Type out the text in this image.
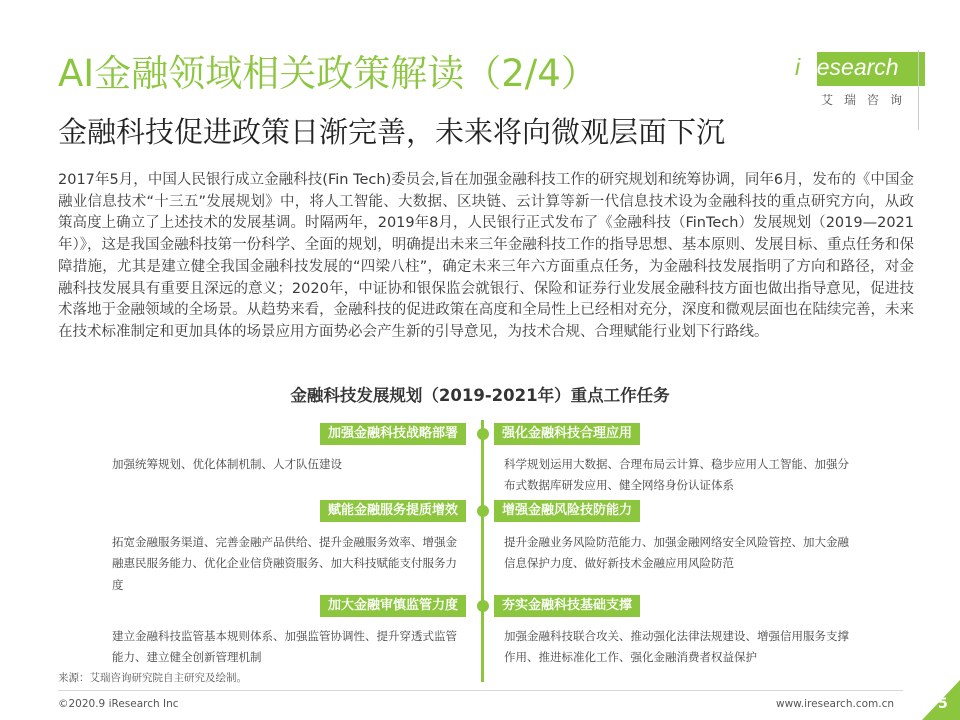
AI金融领域相关政策解读（2/4）
金融科技促进政策日渐完善，未来将向微观层面下沉
iResearch
艾瑞咨询
2017年5月，中国人民银行成立金融科技(Fin Tech)委员会,旨在加强金融科技工作的研究规划和统筹协调，同年6月，发布的《中国金融业信息技术“十三五”发展规划》中，将人工智能、大数据、区块链、云计算等新一代信息技术设为金融科技的重点研究方向，从政策高度上确立了上述技术的发展基调。时隔两年，2019年8月，人民银行正式发布了《金融科技（FinTech）发展规划（2019—2021年）》，这是我国金融科技第一份科学、全面的规划，明确提出未来三年金融科技工作的指导思想、基本原则、发展目标、重点任务和保障措施，尤其是建立健全我国金融科技发展的“四梁八柱”，确定未来三年六方面重点任务，为金融科技发展指明了方向和路径，对金融科技发展具有重要且深远的意义；2020年，中证协和银保监会就银行、保险和证券行业发展金融科技方面也做出指导意见，促进技术落地于金融领域的全场景。从趋势来看，金融科技的促进政策在高度和全局性上已经相对充分，深度和微观层面也在陆续完善，未来在技术标准制定和更加具体的场景应用方面势必会产生新的引导意见，为技术合规、合理赋能行业划下行路线。
金融科技发展规划（2019-2021年）重点工作任务
加强金融科技战略部署	强化金融科技合理应用
加强统筹规划、优化体制机制、人才队伍建设	科学规划运用大数据、合理布局云计算、稳步应用人工智能、加强分布式数据库研发应用、健全网络身份认证体系
赋能金融服务提质增效	增强金融风险技防能力
拓宽金融服务渠道、完善金融产品供给、提升金融服务效率、增强金融惠民服务能力、优化企业信贷融资服务、加大科技赋能支付服务力度
提升金融业务风险防范能力、加强金融网络安全风险管控、加大金融信息保护力度、做好新技术金融应用风险防范
加大金融审慎监管力度	夯实金融科技基础支撑
建立金融科技监管基本规则体系、加强监管协调性、提升穿透式监管能力、建立健全创新管理机制
加强金融科技联合攻关、推动强化法律法规建设、增强信用服务支撑作用、推进标准化工作、强化金融消费者权益保护
来源：艾瑞咨询研究院自主研究及绘制。
©2020.9 iResearch Inc	www.iresearch.com.cn	5
